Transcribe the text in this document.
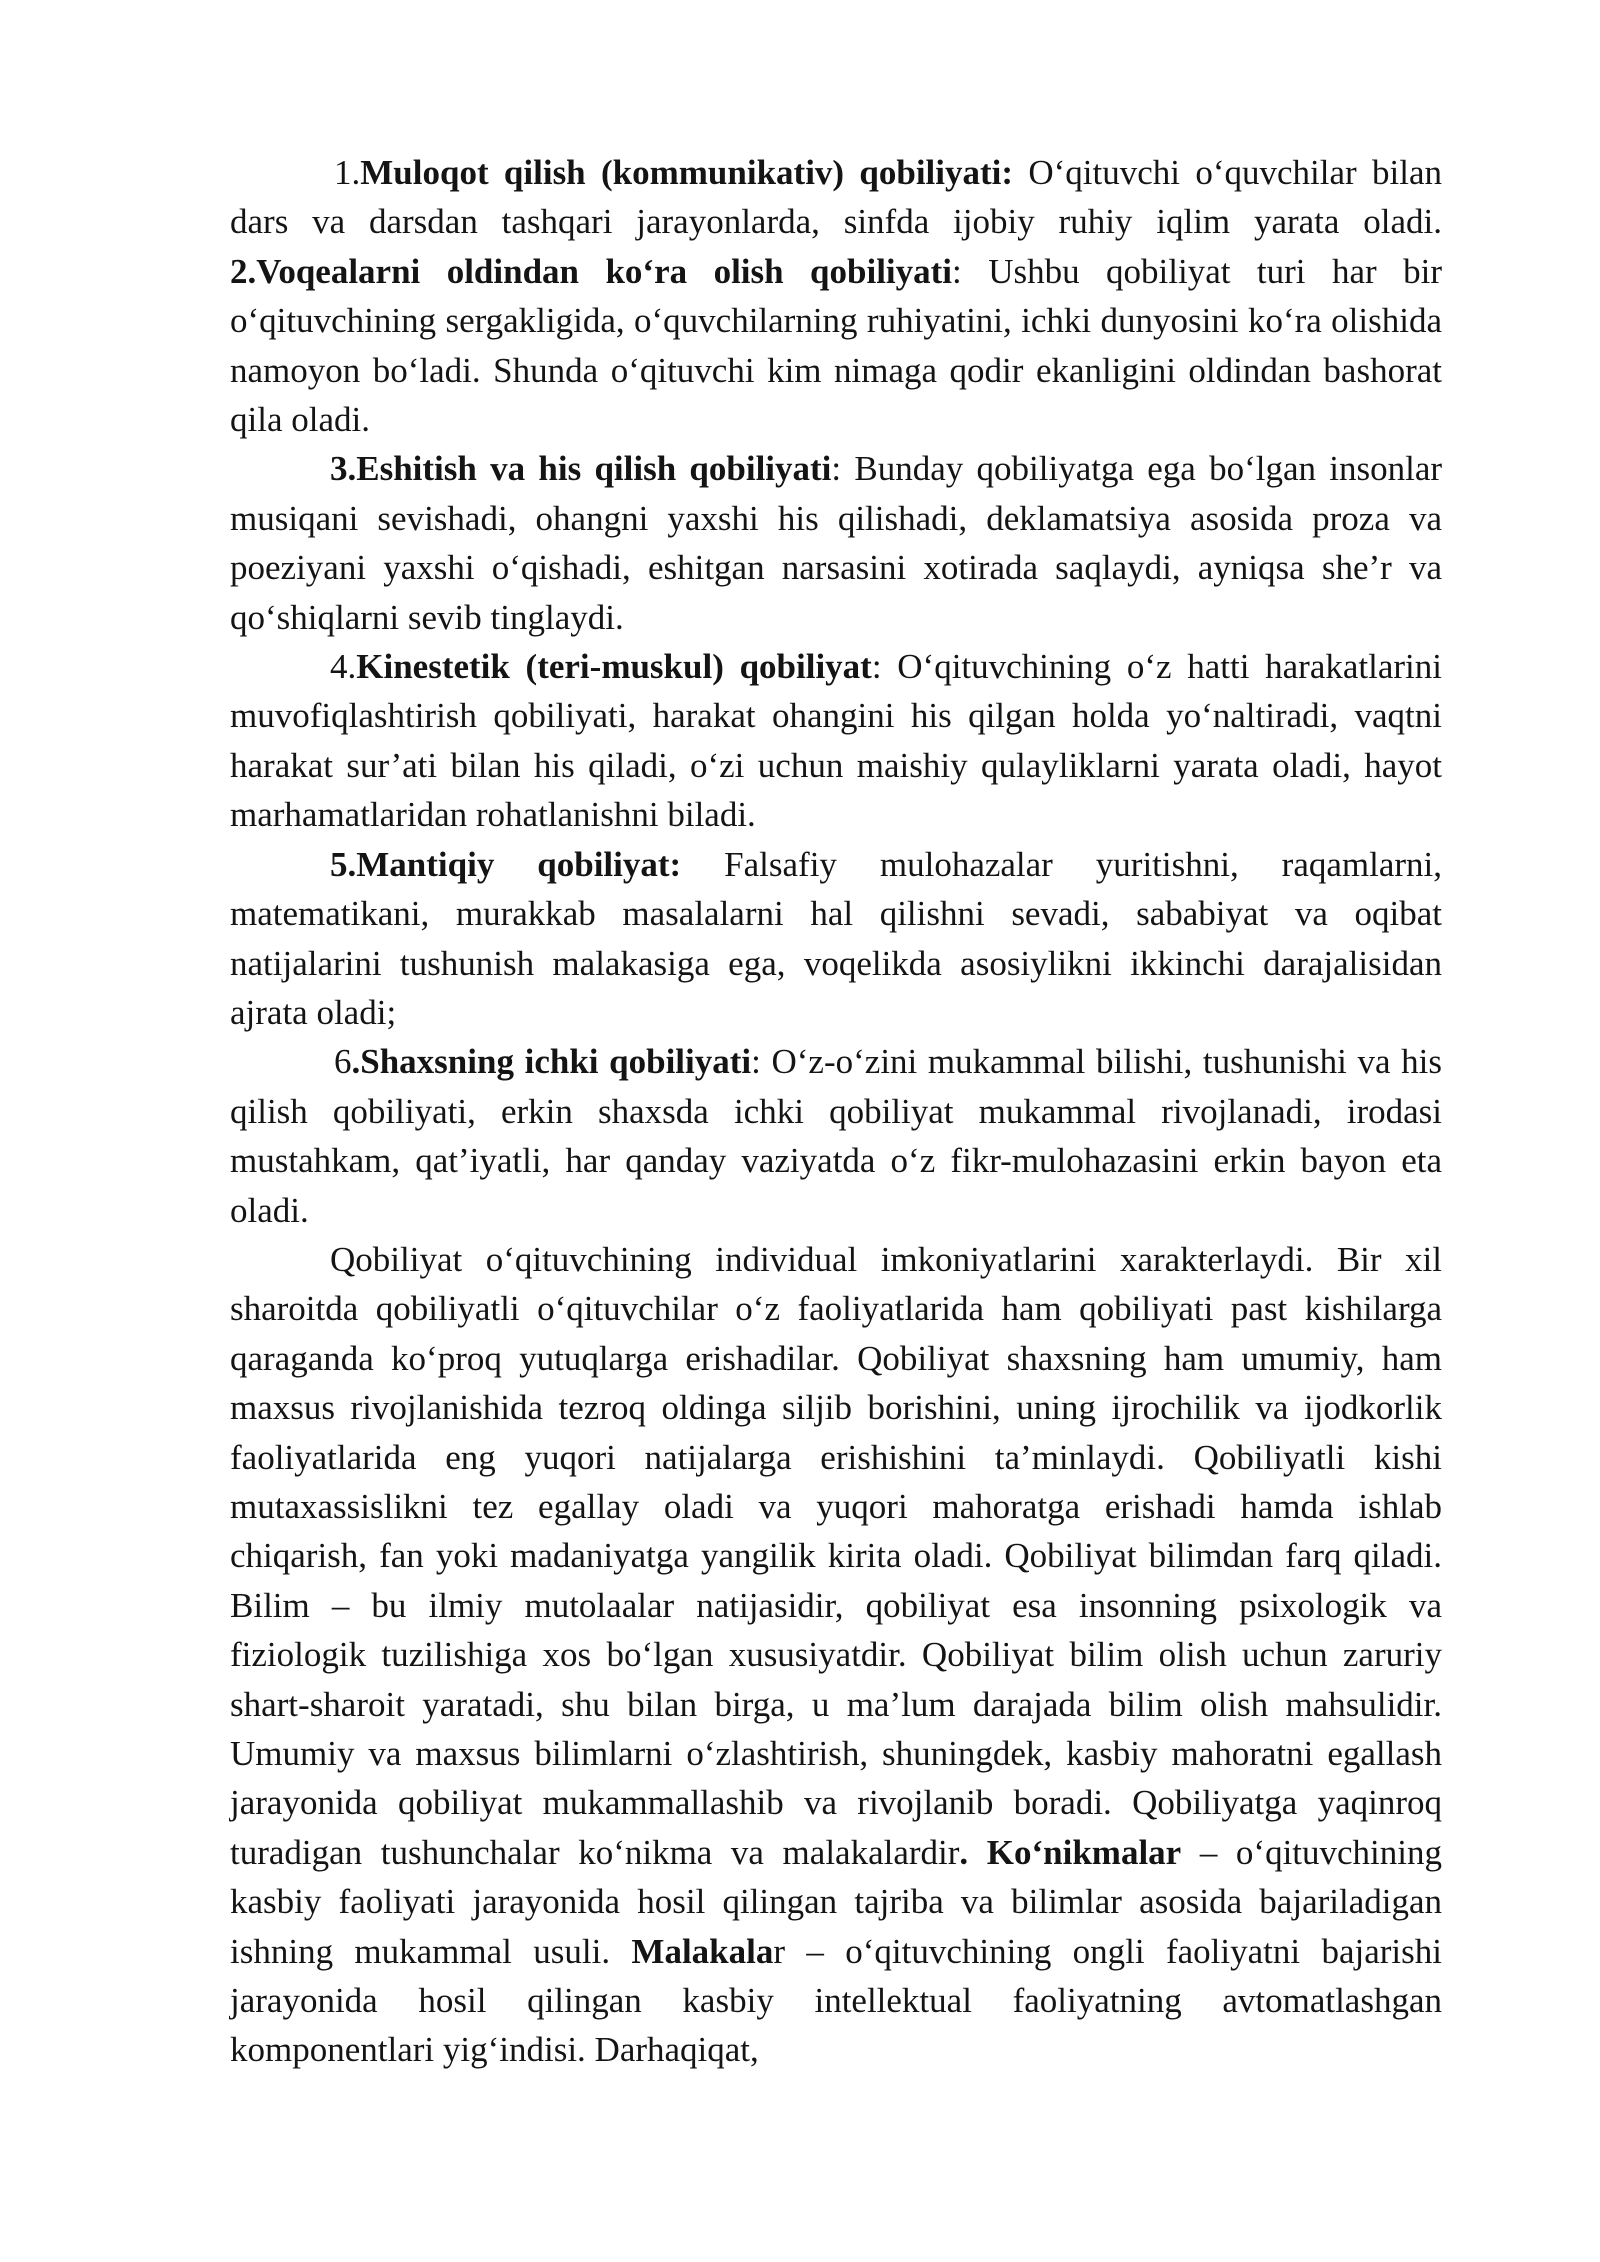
1.Muloqot qilish (kommunikativ) qobiliyati: O‘qituvchi o‘quvchilar bilan dars va darsdan tashqari jarayonlarda, sinfda ijobiy ruhiy iqlim yarata oladi. 2.Voqealarni oldindan ko‘ra olish qobiliyati: Ushbu qobiliyat turi har bir o‘qituvchining sergakligida, o‘quvchilarning ruhiyatini, ichki dunyosini ko‘ra olishida namoyon bo‘ladi. Shunda o‘qituvchi kim nimaga qodir ekanligini oldindan bashorat qila oladi.

3.Eshitish va his qilish qobiliyati: Bunday qobiliyatga ega bo‘lgan insonlar musiqani sevishadi, ohangni yaxshi his qilishadi, deklamatsiya asosida proza va poeziyani yaxshi o‘qishadi, eshitgan narsasini xotirada saqlaydi, ayniqsa she’r va qo‘shiqlarni sevib tinglaydi.

4.Kinestetik (teri-muskul) qobiliyat: O‘qituvchining o‘z hatti harakatlarini muvofiqlashtirish qobiliyati, harakat ohangini his qilgan holda yo‘naltiradi, vaqtni harakat sur’ati bilan his qiladi, o‘zi uchun maishiy qulayliklarni yarata oladi, hayot marhamatlaridan rohatlanishni biladi.

5.Mantiqiy qobiliyat: Falsafiy mulohazalar yuritishni, raqamlarni, matematikani, murakkab masalalarni hal qilishni sevadi, sababiyat va oqibat natijalarini tushunish malakasiga ega, voqelikda asosiylikni ikkinchi darajalisidan ajrata oladi;

6.Shaxsning ichki qobiliyati: O‘z-o‘zini mukammal bilishi, tushunishi va his qilish qobiliyati, erkin shaxsda ichki qobiliyat mukammal rivojlanadi, irodasi mustahkam, qat’iyatli, har qanday vaziyatda o‘z fikr-mulohazasini erkin bayon eta oladi.

Qobiliyat o‘qituvchining individual imkoniyatlarini xarakterlaydi. Bir xil sharoitda qobiliyatli o‘qituvchilar o‘z faoliyatlarida ham qobiliyati past kishilarga qaraganda ko‘proq yutuqlarga erishadilar. Qobiliyat shaxsning ham umumiy, ham maxsus rivojlanishida tezroq oldinga siljib borishini, uning ijrochilik va ijodkorlik faoliyatlarida eng yuqori natijalarga erishishini ta’minlaydi. Qobiliyatli kishi mutaxassislikni tez egallay oladi va yuqori mahoratga erishadi hamda ishlab chiqarish, fan yoki madaniyatga yangilik kirita oladi. Qobiliyat bilimdan farq qiladi. Bilim – bu ilmiy mutolaalar natijasidir, qobiliyat esa insonning psixologik va fiziologik tuzilishiga xos bo‘lgan xususiyatdir. Qobiliyat bilim olish uchun zaruriy shart-sharoit yaratadi, shu bilan birga, u ma’lum darajada bilim olish mahsulidir. Umumiy va maxsus bilimlarni o‘zlashtirish, shuningdek, kasbiy mahoratni egallash jarayonida qobiliyat mukammallashib va rivojlanib boradi. Qobiliyatga yaqinroq turadigan tushunchalar ko‘nikma va malakalardir. Ko‘nikmalar – o‘qituvchining kasbiy faoliyati jarayonida hosil qilingan tajriba va bilimlar asosida bajariladigan ishning mukammal usuli. Malakalar – o‘qituvchining ongli faoliyatni bajarishi jarayonida hosil qilingan kasbiy intellektual faoliyatning avtomatlashgan komponentlari yig‘indisi. Darhaqiqat,
